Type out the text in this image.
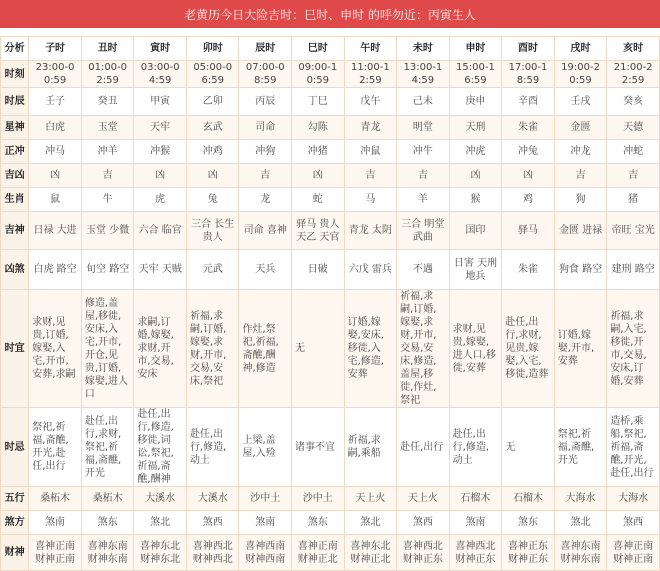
老黄历今日大险吉时：巳时、申时 的呼勿近：丙寅生人
分析	子时	丑时	寅时	卯时	辰时	巳时	午时	未时	申时	酉时	戌时	亥时
时刻	23:00-00:59	01:00-02:59	03:00-04:59	05:00-06:59	07:00-08:59	09:00-10:59	11:00-12:59	13:00-14:59	15:00-16:59	17:00-18:59	19:00-20:59	21:00-22:59

时辰	壬子	癸丑	甲寅	乙卯	丙辰	丁巳	戊午	己未	庚申	辛酉	壬戌	癸亥

星神	白虎	玉堂	天牢	玄武	司命	勾陈	青龙	明堂	天刑	朱雀	金匮	天德

正冲	冲马	冲羊	冲猴	冲鸡	冲狗	冲猪	冲鼠	冲牛	冲虎	冲兔	冲龙	冲蛇

吉凶	凶	吉	凶	凶	吉	凶	吉	吉	凶	凶	吉	吉

生肖	鼠	牛	虎	兔	龙	蛇	马	羊	猴	鸡	狗	猪

吉神	日禄 大进	玉堂 少微	六合 临官	三合 长生 贵人	司命 喜神	驿马 贵人 天乙 天官	青龙 太阴	三合 明堂 武曲	国印	驿马	金匮 进禄	帝旺 宝光

凶煞	白虎 路空	旬空 路空	天牢 天贼	元武	天兵	日破	六戊 雷兵	不遇	日害 天刑 地兵	朱雀	狗食 路空	建刑 路空

时宜	求财,见贵,订婚,嫁娶,入宅,开市,安葬,求嗣	修造,盖屋,移徙,安床,入宅,开市,开仓,见贵,订婚,嫁娶,进人口	求嗣,订婚,嫁娶,求财,开市,交易,安床	祈福,求嗣,订婚,嫁娶,求财,开市,交易,安床,祭祀	作灶,祭祀,祈福,斋醮,酬神,修造	无	订婚,嫁娶,安床,移徙,入宅,修造,安葬	祈福,求嗣,订婚,嫁娶,求财,开市,交易,安床,修造,盖屋,移徙,作灶,祭祀	求财,见贵,嫁娶,进人口,移徙,安葬	赴任,出行,求财,见贵,嫁娶,入宅,移徙,造葬	订婚,嫁娶,开市,安葬	祈福,求嗣,入宅,移徙,开市,交易,安床,订婚,安葬

时忌	祭祀,祈福,斋醮,开光,赴任,出行	赴任,出行,求财,祭祀,祈福,斋醮,开光	赴任,出行,修造,移徙,词讼,祭祀,祈福,斋醮,酬神	赴任,出行,修造,动土	上梁,盖屋,入殓	诸事不宜	祈福,求嗣,乘船	赴任,出行	赴任,出行,修造,动土	无	祭祀,祈福,斋醮,开光	造桥,乘船,祭祀,祈福,斋醮,开光,赴任,出行

五行	桑柘木	桑柘木	大溪水	大溪水	沙中土	沙中土	天上火	天上火	石榴木	石榴木	大海水	大海水

煞方	煞南	煞东	煞北	煞西	煞南	煞东	煞北	煞西	煞南	煞东	煞北	煞西

财神	喜神正南 财神正南	喜神东南 财神东南	喜神东北 财神东北	喜神西北 财神西北	喜神西南 财神西南	喜神正南 财神正北	喜神东北 财神正北	喜神西北 财神正东	喜神西北 财神正东	喜神正东 财神正东	喜神东南 财神东南	喜神正南 财神正南
